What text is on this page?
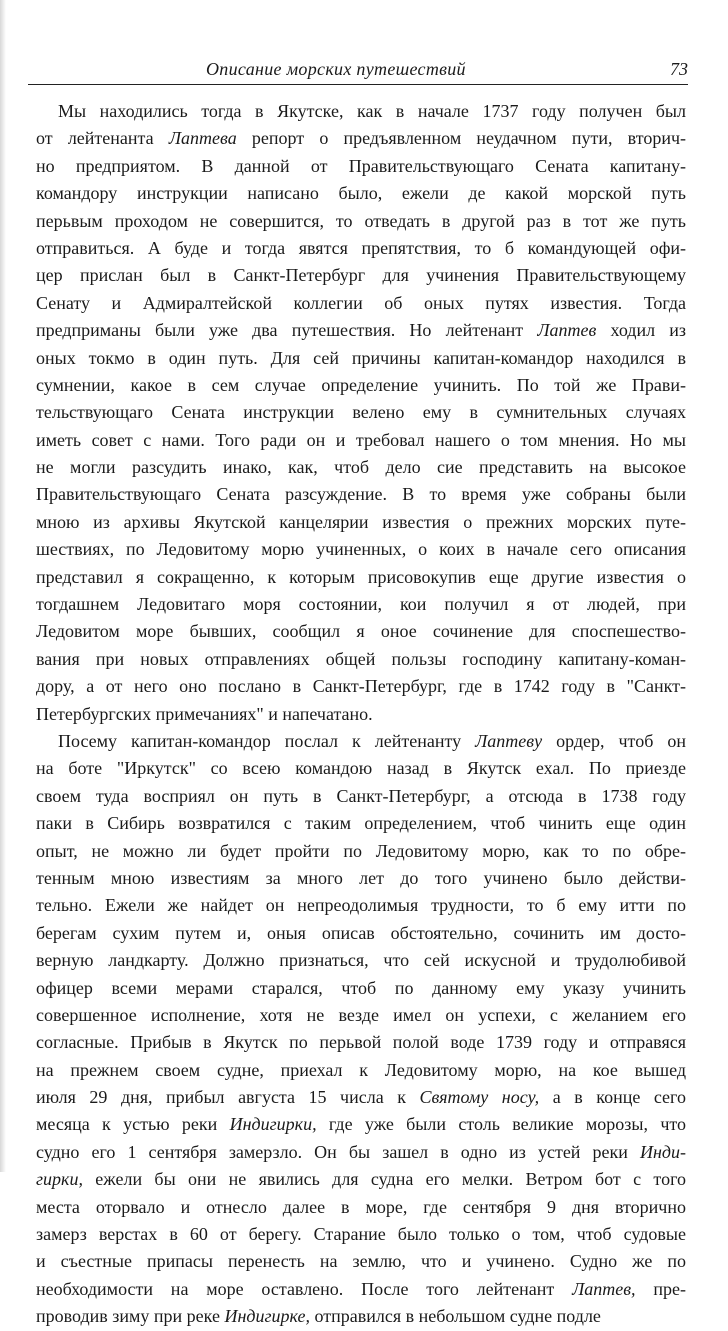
Описание морских путешествий	73
Мы находились тогда в Якутске, как в начале 1737 году получен был
от лейтенанта Лаптева репорт о предъявленном неудачном пути, вторич-
но предприятом. В данной от Правительствующаго Сената капитану-
командору инструкции написано было, ежели де какой морской путь
перьвым проходом не совершится, то отведать в другой раз в тот же путь
отправиться. А буде и тогда явятся препятствия, то б командующей офи-
цер прислан был в Санкт-Петербург для учинения Правительствующему
Сенату и Адмиралтейской коллегии об оных путях известия. Тогда
предприманы были уже два путешествия. Но лейтенант Лаптев ходил из
оных токмо в один путь. Для сей причины капитан-командор находился в
сумнении, какое в сем случае определение учинить. По той же Прави-
тельствующаго Сената инструкции велено ему в сумнительных случаях
иметь совет с нами. Того ради он и требовал нашего о том мнения. Но мы
не могли разсудить инако, как, чтоб дело сие представить на высокое
Правительствующаго Сената разсуждение. В то время уже собраны были
мною из архивы Якутской канцелярии известия о прежних морских путе-
шествиях, по Ледовитому морю учиненных, о коих в начале сего описания
представил я сокращенно, к которым присовокупив еще другие известия о
тогдашнем Ледовитаго моря состоянии, кои получил я от людей, при
Ледовитом море бывших, сообщил я оное сочинение для споспешество-
вания при новых отправлениях общей пользы господину капитану-коман-
дору, а от него оно послано в Санкт-Петербург, где в 1742 году в "Санкт-
Петербургских примечаниях" и напечатано.
Посему капитан-командор послал к лейтенанту Лаптеву ордер, чтоб он
на боте "Иркутск" со всею командою назад в Якутск ехал. По приезде
своем туда восприял он путь в Санкт-Петербург, а отсюда в 1738 году
паки в Сибирь возвратился с таким определением, чтоб чинить еще один
опыт, не можно ли будет пройти по Ледовитому морю, как то по обре-
тенным мною известиям за много лет до того учинено было действи-
тельно. Ежели же найдет он непреодолимыя трудности, то б ему итти по
берегам сухим путем и, оныя описав обстоятельно, сочинить им досто-
верную ландкарту. Должно признаться, что сей искусной и трудолюбивой
офицер всеми мерами старался, чтоб по данному ему указу учинить
совершенное исполнение, хотя не везде имел он успехи, с желанием его
согласные. Прибыв в Якутск по перьвой полой воде 1739 году и отправяся
на прежнем своем судне, приехал к Ледовитому морю, на кое вышед
июля 29 дня, прибыл августа 15 числа к Святому носу, а в конце сего
месяца к устью реки Индигирки, где уже были столь великие морозы, что
судно его 1 сентября замерзло. Он бы зашел в одно из устей реки Инди-
гирки, ежели бы они не явились для судна его мелки. Ветром бот с того
места оторвало и отнесло далее в море, где сентября 9 дня вторично
замерз верстах в 60 от берегу. Старание было только о том, чтоб судовые
и съестные припасы перенесть на землю, что и учинено. Судно же по
необходимости на море оставлено. После того лейтенант Лаптев, пре-
проводив зиму при реке Индигирке, отправился в небольшом судне подле
